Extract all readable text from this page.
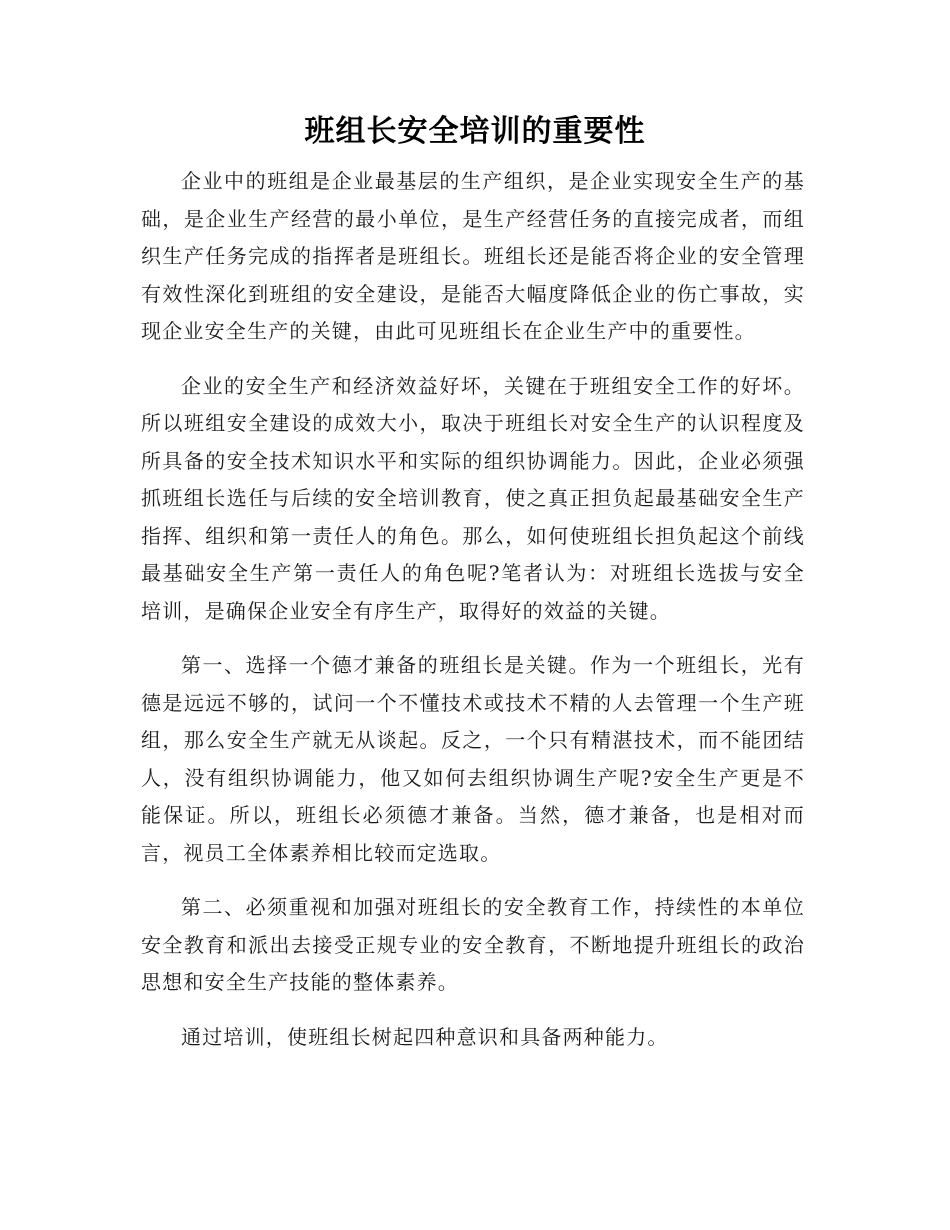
班组长安全培训的重要性

企业中的班组是企业最基层的生产组织，是企业实现安全生产的基础，是企业生产经营的最小单位，是生产经营任务的直接完成者，而组织生产任务完成的指挥者是班组长。班组长还是能否将企业的安全管理有效性深化到班组的安全建设，是能否大幅度降低企业的伤亡事故，实现企业安全生产的关键，由此可见班组长在企业生产中的重要性。

企业的安全生产和经济效益好坏，关键在于班组安全工作的好坏。所以班组安全建设的成效大小，取决于班组长对安全生产的认识程度及所具备的安全技术知识水平和实际的组织协调能力。因此，企业必须强抓班组长选任与后续的安全培训教育，使之真正担负起最基础安全生产指挥、组织和第一责任人的角色。那么，如何使班组长担负起这个前线最基础安全生产第一责任人的角色呢?笔者认为：对班组长选拔与安全培训，是确保企业安全有序生产，取得好的效益的关键。

第一、选择一个德才兼备的班组长是关键。作为一个班组长，光有德是远远不够的，试问一个不懂技术或技术不精的人去管理一个生产班组，那么安全生产就无从谈起。反之，一个只有精湛技术，而不能团结人，没有组织协调能力，他又如何去组织协调生产呢?安全生产更是不能保证。所以，班组长必须德才兼备。当然，德才兼备，也是相对而言，视员工全体素养相比较而定选取。

第二、必须重视和加强对班组长的安全教育工作，持续性的本单位安全教育和派出去接受正规专业的安全教育，不断地提升班组长的政治思想和安全生产技能的整体素养。

通过培训，使班组长树起四种意识和具备两种能力。
